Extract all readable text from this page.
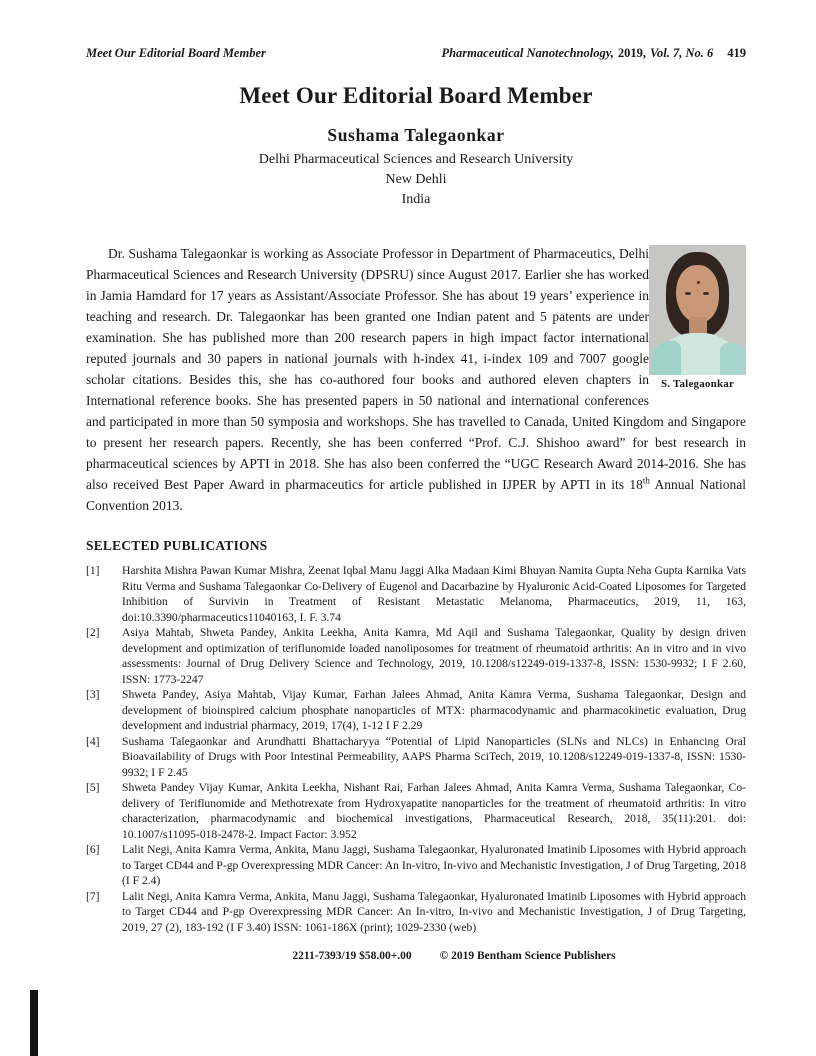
Meet Our Editorial Board Member	Pharmaceutical Nanotechnology, 2019, Vol. 7, No. 6 419
Meet Our Editorial Board Member
Sushama Talegaonkar
Delhi Pharmaceutical Sciences and Research University
New Dehli
India
S. Talegaonkar

Dr. Sushama Talegaonkar is working as Associate Professor in Department of Pharmaceutics, Delhi Pharmaceutical Sciences and Research University (DPSRU) since August 2017. Earlier she has worked in Jamia Hamdard for 17 years as Assistant/Associate Professor. She has about 19 years’ experience in teaching and research. Dr. Talegaonkar has been granted one Indian patent and 5 patents are under examination. She has published more than 200 research papers in high impact factor international reputed journals and 30 papers in national journals with h-index 41, i-index 109 and 7007 google scholar citations. Besides this, she has co-authored four books and authored eleven chapters in International reference books. She has presented papers in 50 national and international conferences and participated in more than 50 symposia and workshops. She has travelled to Canada, United Kingdom and Singapore to present her research papers. Recently, she has been conferred “Prof. C.J. Shishoo award” for best research in pharmaceutical sciences by APTI in 2018. She has also been conferred the “UGC Research Award 2014-2016. She has also received Best Paper Award in pharmaceutics for article published in IJPER by APTI in its 18th Annual National Convention 2013.

SELECTED PUBLICATIONS
[1]	Harshita Mishra Pawan Kumar Mishra, Zeenat Iqbal Manu Jaggi Alka Madaan Kimi Bhuyan Namita Gupta Neha Gupta Karnika Vats Ritu Verma and Sushama Talegaonkar Co-Delivery of Eugenol and Dacarbazine by Hyaluronic Acid-Coated Liposomes for Targeted Inhibition of Survivin in Treatment of Resistant Metastatic Melanoma, Pharmaceutics, 2019, 11, 163, doi:10.3390/pharmaceutics11040163, I. F. 3.74
[2]	Asiya Mahtab, Shweta Pandey, Ankita Leekha, Anita Kamra, Md Aqil and Sushama Talegaonkar, Quality by design driven development and optimization of teriflunomide loaded nanoliposomes for treatment of rheumatoid arthritis: An in vitro and in vivo assessments: Journal of Drug Delivery Science and Technology, 2019, 10.1208/s12249-019-1337-8, ISSN: 1530-9932; I F 2.60, ISSN: 1773-2247
[3]	Shweta Pandey, Asiya Mahtab, Vijay Kumar, Farhan Jalees Ahmad, Anita Kamra Verma, Sushama Talegaonkar, Design and development of bioinspired calcium phosphate nanoparticles of MTX: pharmacodynamic and pharmacokinetic evaluation, Drug development and industrial pharmacy, 2019, 17(4), 1-12 I F 2.29
[4]	Sushama Talegaonkar and Arundhatti Bhattacharyya “Potential of Lipid Nanoparticles (SLNs and NLCs) in Enhancing Oral Bioavailability of Drugs with Poor Intestinal Permeability, AAPS Pharma SciTech, 2019, 10.1208/s12249-019-1337-8, ISSN: 1530-9932; I F 2.45
[5]	Shweta Pandey Vijay Kumar, Ankita Leekha, Nishant Rai, Farhan Jalees Ahmad, Anita Kamra Verma, Sushama Talegaonkar, Co-delivery of Teriflunomide and Methotrexate from Hydroxyapatite nanoparticles for the treatment of rheumatoid arthritis: In vitro characterization, pharmacodynamic and biochemical investigations, Pharmaceutical Research, 2018, 35(11):201. doi: 10.1007/s11095-018-2478-2. Impact Factor: 3.952
[6]	Lalit Negi, Anita Kamra Verma, Ankita, Manu Jaggi, Sushama Talegaonkar, Hyaluronated Imatinib Liposomes with Hybrid approach to Target CD44 and P-gp Overexpressing MDR Cancer: An In-vitro, In-vivo and Mechanistic Investigation, J of Drug Targeting, 2018 (I F 2.4)
[7]	Lalit Negi, Anita Kamra Verma, Ankita, Manu Jaggi, Sushama Talegaonkar, Hyaluronated Imatinib Liposomes with Hybrid approach to Target CD44 and P-gp Overexpressing MDR Cancer: An In-vitro, In-vivo and Mechanistic Investigation, J of Drug Targeting, 2019, 27 (2), 183-192 (I F 3.40) ISSN: 1061-186X (print); 1029-2330 (web)
2211-7393/19 $58.00+.00 © 2019 Bentham Science Publishers
